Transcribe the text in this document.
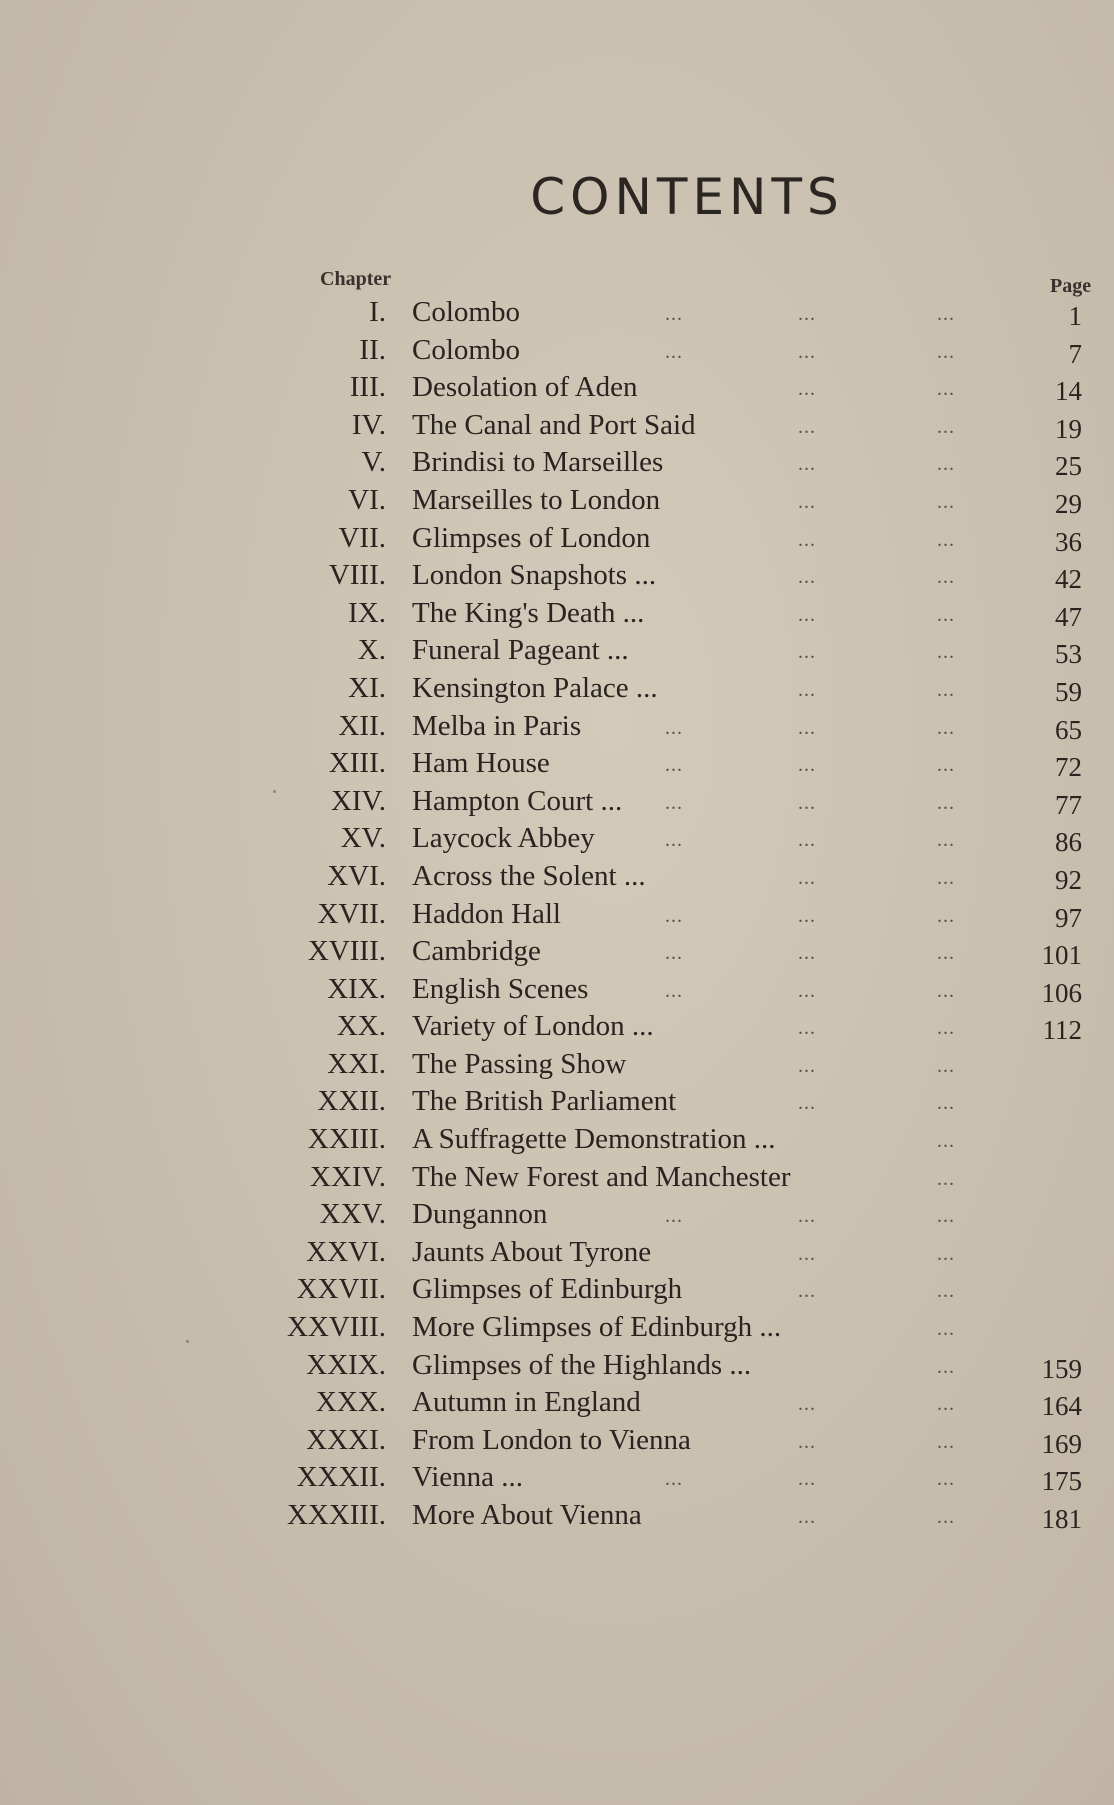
CONTENTS
Chapter	Page
I. Colombo	...	...	...	1
II. Colombo	...	...	...	7
III. Desolation of Aden	...	...	14
IV. The Canal and Port Said	...	...	19
V. Brindisi to Marseilles	...	...	25
VI. Marseilles to London	...	...	29
VII. Glimpses of London	...	...	36
VIII. London Snapshots ...	...	...	42
IX. The King's Death ...	...	...	47
X. Funeral Pageant ...	...	...	53
XI. Kensington Palace ...	...	...	59
XII. Melba in Paris	...	...	...	65
XIII. Ham House	...	...	...	72
XIV. Hampton Court ... ...	...	...	77
XV. Laycock Abbey	...	...	...	86
XVI. Across the Solent ...	...	...	92
XVII. Haddon Hall	...	...	...	97
XVIII. Cambridge	...	...	...	101
XIX. English Scenes	...	...	...	106
XX. Variety of London ...	...	...	112
XXI. The Passing Show	...	...
XXII. The British Parliament	...	...
XXIII. A Suffragette Demonstration ...	...
XXIV. The New Forest and Manchester	...
XXV. Dungannon	...	...	...
XXVI. Jaunts About Tyrone	...	...
XXVII. Glimpses of Edinburgh	...	...
XXVIII. More Glimpses of Edinburgh ...	...
XXIX. Glimpses of the Highlands ...	...	159
XXX. Autumn in England	...	...	164
XXXI. From London to Vienna	...	...	169
XXXII. Vienna ...	...	...	...	175
XXXIII. More About Vienna	...	...	181
